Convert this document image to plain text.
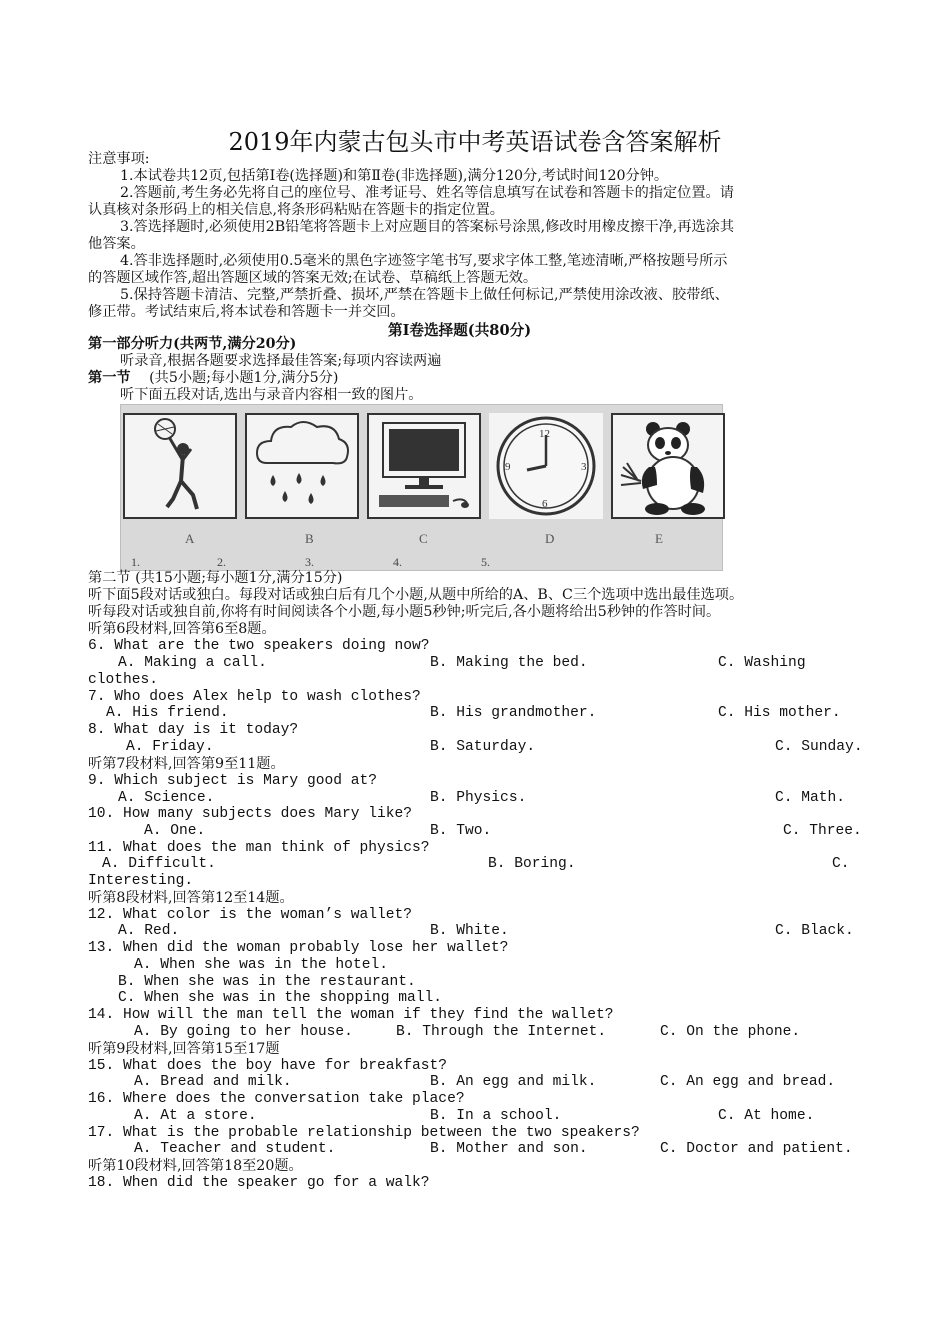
2019年内蒙古包头市中考英语试卷含答案解析
注意事项:
1.本试卷共12页,包括第Ⅰ卷(选择题)和第Ⅱ卷(非选择题),满分120分,考试时间120分钟。
2.答题前,考生务必先将自己的座位号、准考证号、姓名等信息填写在试卷和答题卡的指定位置。请
认真核对条形码上的相关信息,将条形码粘贴在答题卡的指定位置。
3.答选择题时,必须使用2B铅笔将答题卡上对应题目的答案标号涂黑,修改时用橡皮擦干净,再选涂其
他答案。
4.答非选择题时,必须使用0.5毫米的黑色字迹签字笔书写,要求字体工整,笔迹清晰,严格按题号所示
的答题区域作答,超出答题区域的答案无效;在试卷、草稿纸上答题无效。
5.保持答题卡清洁、完整,严禁折叠、损坏,严禁在答题卡上做任何标记,严禁使用涂改液、胶带纸、
修正带。考试结束后,将本试卷和答题卡一并交回。
第Ⅰ卷选择题(共80分)
第一部分听力(共两节,满分20分)
听录音,根据各题要求选择最佳答案;每项内容读两遍
第一节 (共5小题;每小题1分,满分5分)
听下面五段对话,选出与录音内容相一致的图片。
A	B	C
12
3
6
9
D	E
1.	2.	3.	4.	5.
第二节 (共15小题;每小题1分,满分15分)
听下面5段对话或独白。每段对话或独白后有几个小题,从题中所给的A、B、C三个选项中选出最佳选项。
听每段对话或独自前,你将有时间阅读各个小题,每小题5秒钟;听完后,各小题将给出5秒钟的作答时间。
听第6段材料,回答第6至8题。
6. What are the two speakers doing now?
A. Making a call.	B. Making the bed.	C. Washing
clothes.
7. Who does Alex help to wash clothes?
A. His friend.	B. His grandmother.	C. His mother.
8. What day is it today?
A. Friday.	B. Saturday.	C. Sunday.
听第7段材料,回答第9至11题。
9. Which subject is Mary good at?
A. Science.	B. Physics.	C. Math.
10. How many subjects does Mary like?
A. One.	B. Two.	C. Three.
11. What does the man think of physics?
A. Difficult.	B. Boring.	C.
Interesting.
听第8段材料,回答第12至14题。
12. What color is the woman’s wallet?
A. Red.	B. White.	C. Black.
13. When did the woman probably lose her wallet?
A. When she was in the hotel.
B. When she was in the restaurant.
C. When she was in the shopping mall.
14. How will the man tell the woman if they find the wallet?
A. By going to her house.	B. Through the Internet.	C. On the phone.
听第9段材料,回答第15至17题
15. What does the boy have for breakfast?
A. Bread and milk.	B. An egg and milk.	C. An egg and bread.
16. Where does the conversation take place?
A. At a store.	B. In a school.	C. At home.
17. What is the probable relationship between the two speakers?
A. Teacher and student.	B. Mother and son.	C. Doctor and patient.
听第10段材料,回答第18至20题。
18. When did the speaker go for a walk?
